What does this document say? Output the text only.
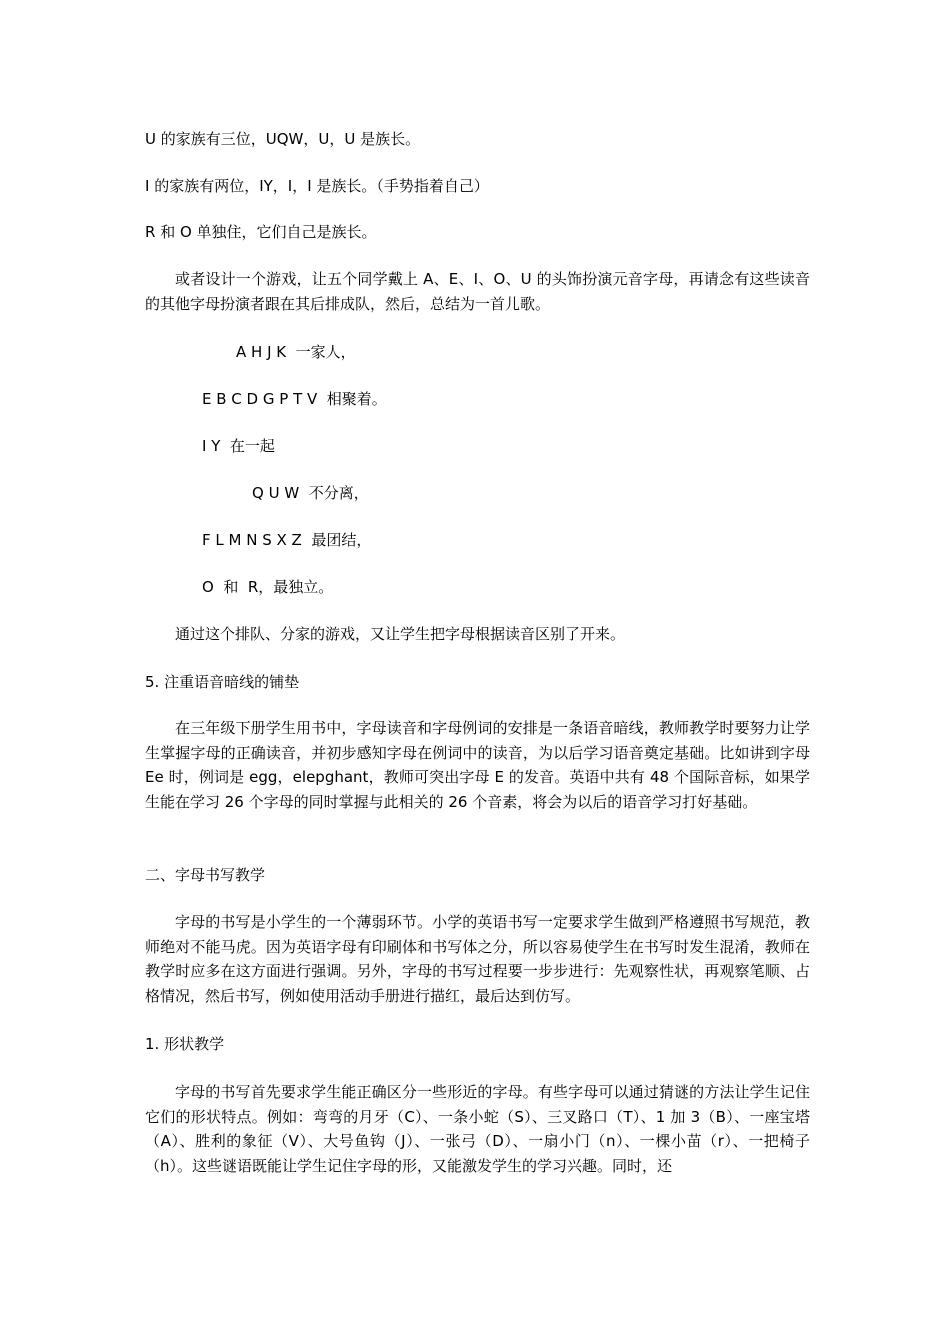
U 的家族有三位，UQW，U，U 是族长。
I 的家族有两位，IY，I，I 是族长。（手势指着自己）
R 和 O 单独住，它们自己是族长。
或者设计一个游戏，让五个同学戴上 A、E、I、O、U 的头饰扮演元音字母，再请念有这些读音的其他字母扮演者跟在其后排成队，然后，总结为一首儿歌。
A H J K  一家人，
E B C D G P T V  相聚着。
I Y  在一起
Q U W  不分离，
F L M N S X Z  最团结，
O  和  R，最独立。
通过这个排队、分家的游戏，又让学生把字母根据读音区别了开来。
5. 注重语音暗线的铺垫
在三年级下册学生用书中，字母读音和字母例词的安排是一条语音暗线，教师教学时要努力让学生掌握字母的正确读音，并初步感知字母在例词中的读音，为以后学习语音奠定基础。比如讲到字母 Ee 时，例词是 egg，elepghant，教师可突出字母 E 的发音。英语中共有 48 个国际音标，如果学生能在学习 26 个字母的同时掌握与此相关的 26 个音素，将会为以后的语音学习打好基础。
二、字母书写教学
字母的书写是小学生的一个薄弱环节。小学的英语书写一定要求学生做到严格遵照书写规范，教师绝对不能马虎。因为英语字母有印刷体和书写体之分，所以容易使学生在书写时发生混淆，教师在教学时应多在这方面进行强调。另外，字母的书写过程要一步步进行：先观察性状，再观察笔顺、占格情况，然后书写，例如使用活动手册进行描红，最后达到仿写。
1. 形状教学
字母的书写首先要求学生能正确区分一些形近的字母。有些字母可以通过猜谜的方法让学生记住它们的形状特点。例如：弯弯的月牙（C）、一条小蛇（S）、三叉路口（T）、1 加 3（B）、一座宝塔（A）、胜利的象征（V）、大号鱼钩（J）、一张弓（D）、一扇小门（n）、一棵小苗（r）、一把椅子（h）。这些谜语既能让学生记住字母的形，又能激发学生的学习兴趣。同时，还
